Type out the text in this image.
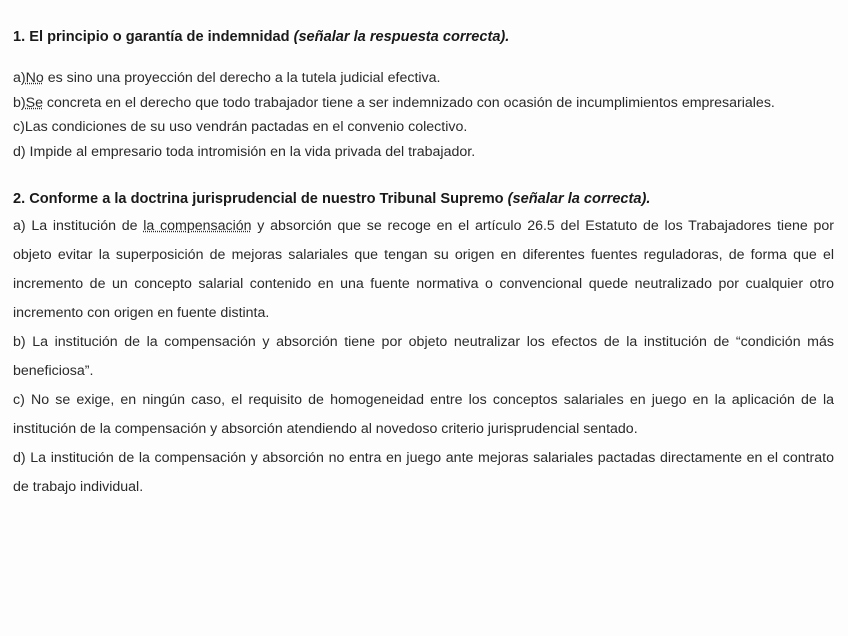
1. El principio o garantía de indemnidad (señalar la respuesta correcta).

a)No es sino una proyección del derecho a la tutela judicial efectiva.

b)Se concreta en el derecho que todo trabajador tiene a ser indemnizado con ocasión de incumplimientos empresariales.

c)Las condiciones de su uso vendrán pactadas en el convenio colectivo.

d) Impide al empresario toda intromisión en la vida privada del trabajador.

2. Conforme a la doctrina jurisprudencial de nuestro Tribunal Supremo (señalar la correcta).

a) La institución de la compensación y absorción que se recoge en el artículo 26.5 del Estatuto de los Trabajadores tiene por objeto evitar la superposición de mejoras salariales que tengan su origen en diferentes fuentes reguladoras, de forma que el incremento de un concepto salarial contenido en una fuente normativa o convencional quede neutralizado por cualquier otro incremento con origen en fuente distinta.

b) La institución de la compensación y absorción tiene por objeto neutralizar los efectos de la institución de “condición más beneficiosa”.

c) No se exige, en ningún caso, el requisito de homogeneidad entre los conceptos salariales en juego en la aplicación de la institución de la compensación y absorción atendiendo al novedoso criterio jurisprudencial sentado.

d) La institución de la compensación y absorción no entra en juego ante mejoras salariales pactadas directamente en el contrato de trabajo individual.
